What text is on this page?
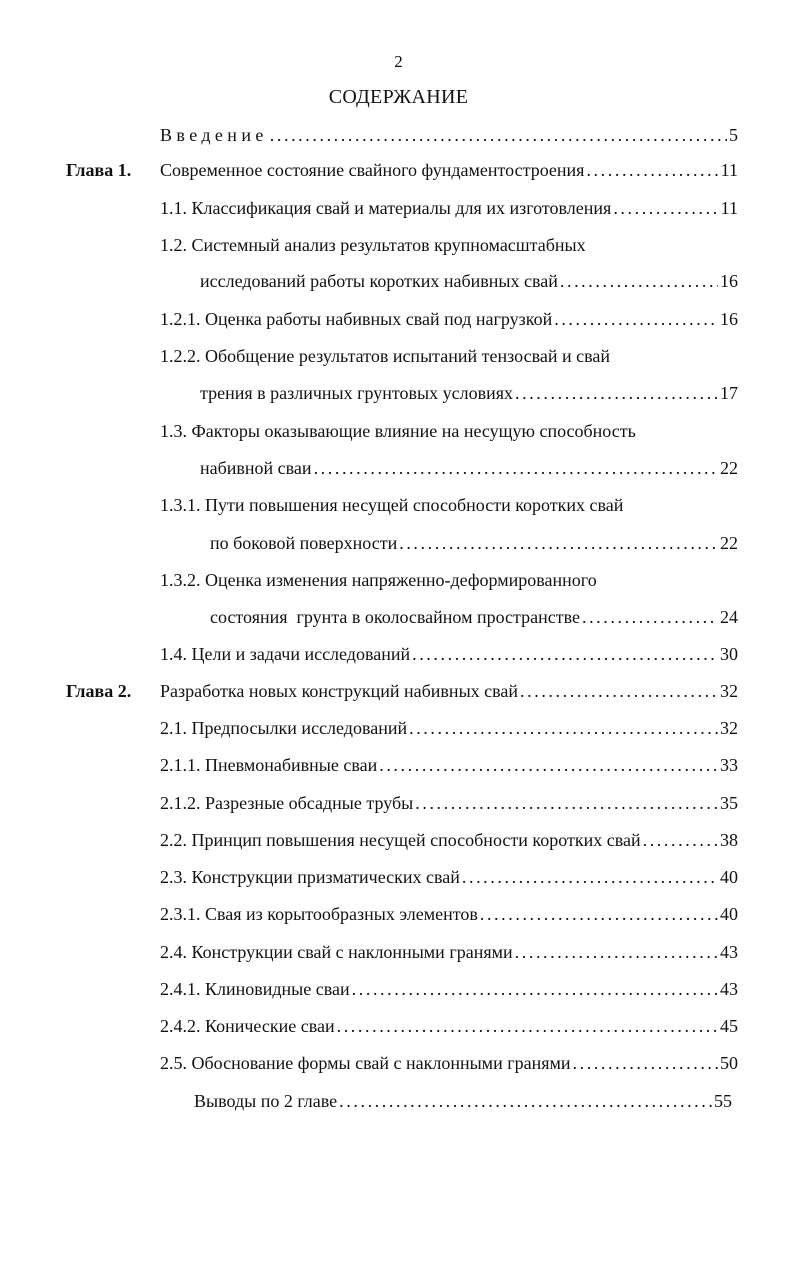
2
СОДЕРЖАНИЕ
Введение .....	5
Глава 1. Современное состояние свайного фундаментостроения .....	11
1.1. Классификация свай и материалы для их изготовления .....	11
1.2. Системный анализ результатов крупномасштабных
исследований работы коротких набивных свай .....	16
1.2.1. Оценка работы набивных свай под нагрузкой .....	16
1.2.2. Обобщение результатов испытаний тензосвай и свай
трения в различных грунтовых условиях .....	17
1.3. Факторы оказывающие влияние на несущую способность
набивной сваи .....	22
1.3.1. Пути повышения несущей способности коротких свай
по боковой поверхности .....	22
1.3.2. Оценка изменения напряженно-деформированного
состояния  грунта в околосвайном пространстве .....	24
1.4. Цели и задачи исследований .....	30
Глава 2. Разработка новых конструкций набивных свай .....	32
2.1. Предпосылки исследований .....	32
2.1.1. Пневмонабивные сваи .....	33
2.1.2. Разрезные обсадные трубы .....	35
2.2. Принцип повышения несущей способности коротких свай .....	38
2.3. Конструкции призматических свай .....	40
2.3.1. Свая из корытообразных элементов .....	40
2.4. Конструкции свай с наклонными гранями .....	43
2.4.1. Клиновидные сваи .....	43
2.4.2. Конические сваи .....	45
2.5. Обоснование формы свай с наклонными гранями .....	50
Выводы по 2 главе .....	55
